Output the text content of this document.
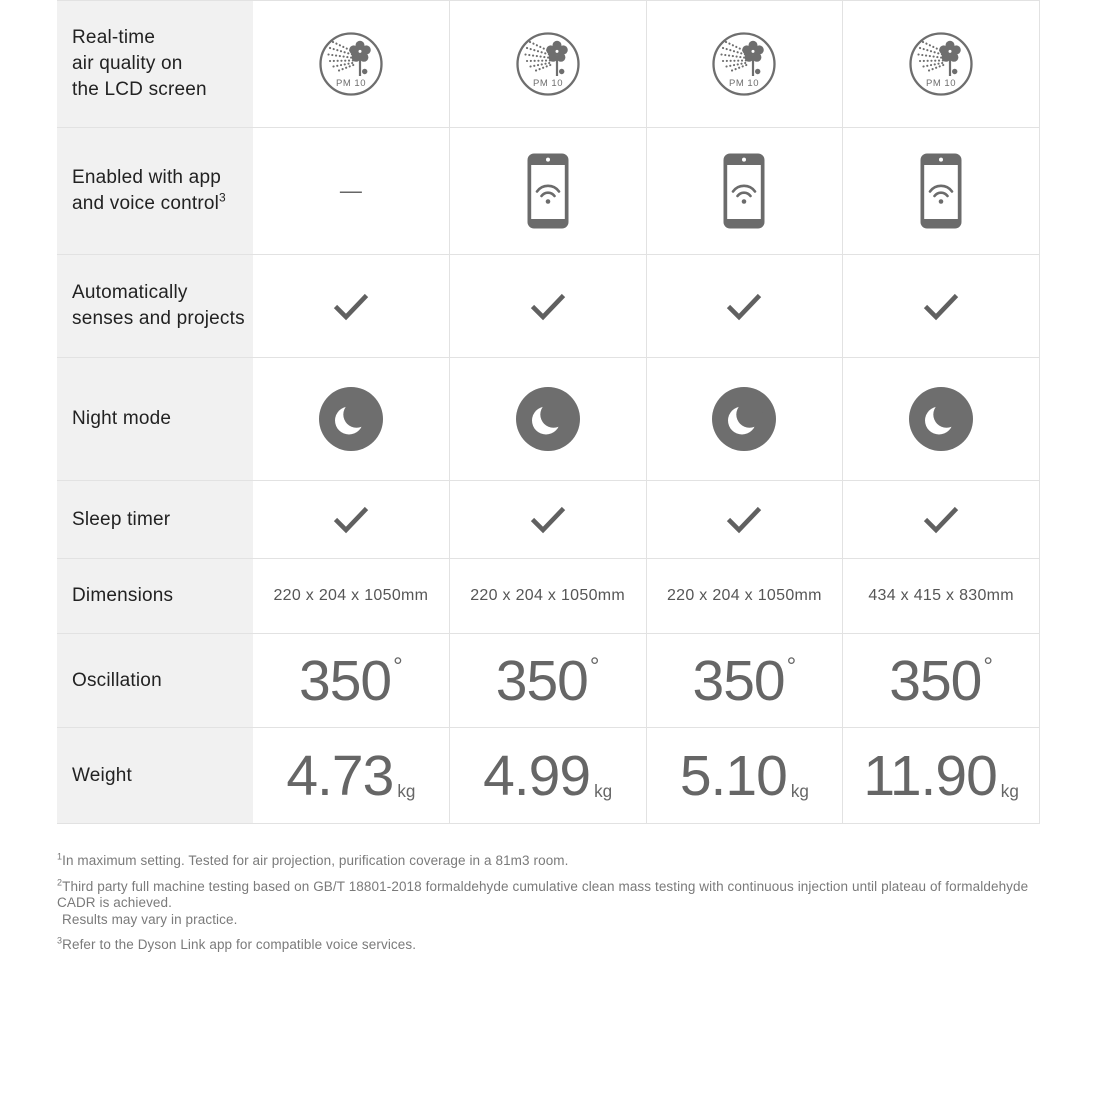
Real-time
air quality on
the LCD screen	PM 10	PM 10	PM 10	PM 10
Enabled with app
and voice control$^3$	—
Automatically
senses and projects
Night mode
Sleep timer
Dimensions	220 x 204 x 1050mm	220 x 204 x 1050mm	220 x 204 x 1050mm	434 x 415 x 830mm
Oscillation	350 ° 350 ° 350 ° 350 °
Weight	4.73 kg 4.99 kg 5.10 kg 11.90 kg

$^1$In maximum setting. Tested for air projection, purification coverage in a 81m3 room.

$^2$Third party full machine testing based on GB/T 18801-2018 formaldehyde cumulative clean mass testing with continuous injection until plateau of formaldehyde CADR is achieved.
Results may vary in practice.

$^3$Refer to the Dyson Link app for compatible voice services.
